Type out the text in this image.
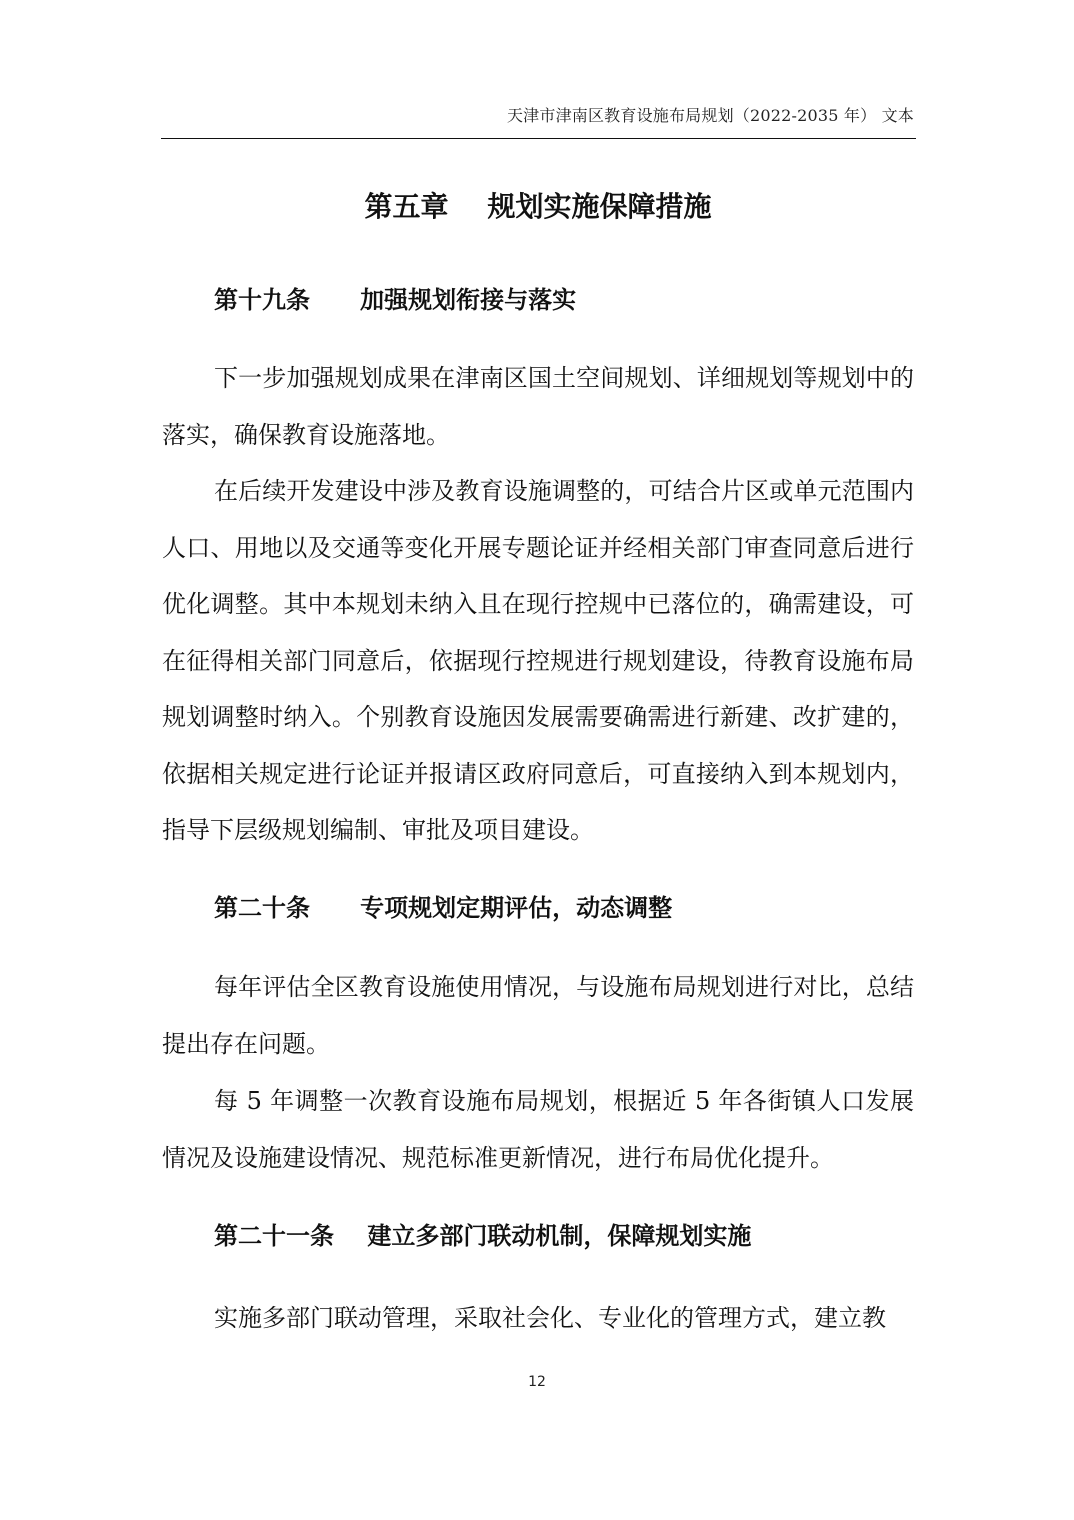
天津市津南区教育设施布局规划（2022-2035 年） 文本
第五章    规划实施保障措施
第十九条      加强规划衔接与落实

下一步加强规划成果在津南区国土空间规划、详细规划等规划中的落实，确保教育设施落地。

在后续开发建设中涉及教育设施调整的，可结合片区或单元范围内人口、用地以及交通等变化开展专题论证并经相关部门审查同意后进行优化调整。其中本规划未纳入且在现行控规中已落位的，确需建设，可在征得相关部门同意后，依据现行控规进行规划建设，待教育设施布局规划调整时纳入。个别教育设施因发展需要确需进行新建、改扩建的，依据相关规定进行论证并报请区政府同意后，可直接纳入到本规划内，指导下层级规划编制、审批及项目建设。

第二十条      专项规划定期评估，动态调整

每年评估全区教育设施使用情况，与设施布局规划进行对比，总结提出存在问题。

每 5 年调整一次教育设施布局规划，根据近 5 年各街镇人口发展情况及设施建设情况、规范标准更新情况，进行布局优化提升。

第二十一条    建立多部门联动机制，保障规划实施

实施多部门联动管理，采取社会化、专业化的管理方式，建立教

12
